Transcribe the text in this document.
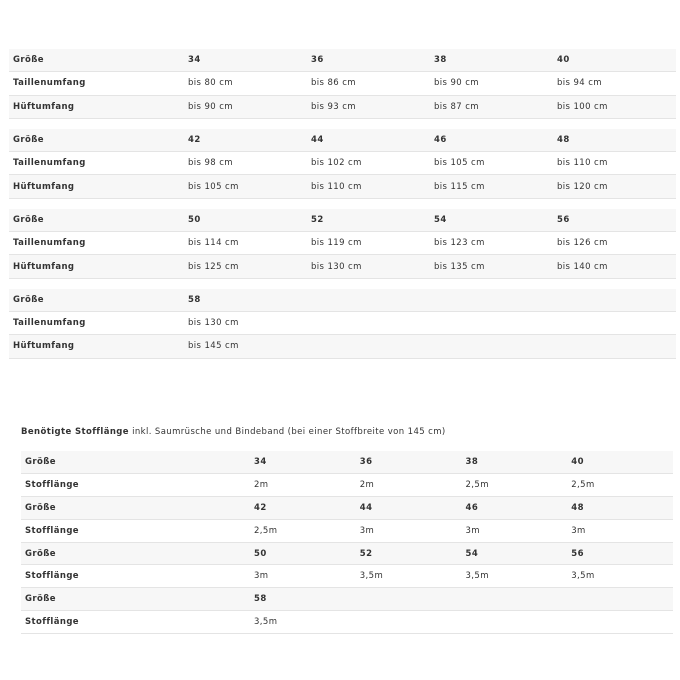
Größe	34	36	38	40
Taillenumfang	bis 80 cm	bis 86 cm	bis 90 cm	bis 94 cm
Hüftumfang	bis 90 cm	bis 93 cm	bis 87 cm	bis 100 cm
Größe	42	44	46	48
Taillenumfang	bis 98 cm	bis 102 cm	bis 105 cm	bis 110 cm
Hüftumfang	bis 105 cm	bis 110 cm	bis 115 cm	bis 120 cm
Größe	50	52	54	56
Taillenumfang	bis 114 cm	bis 119 cm	bis 123 cm	bis 126 cm
Hüftumfang	bis 125 cm	bis 130 cm	bis 135 cm	bis 140 cm
Größe	58			
Taillenumfang	bis 130 cm			
Hüftumfang	bis 145 cm			
Benötigte Stofflänge inkl. Saumrüsche und Bindeband (bei einer Stoffbreite von 145 cm)
Größe	34	36	38	40
Stofflänge	2m	2m	2,5m	2,5m
Größe	42	44	46	48
Stofflänge	2,5m	3m	3m	3m
Größe	50	52	54	56
Stofflänge	3m	3,5m	3,5m	3,5m
Größe	58			
Stofflänge	3,5m			
